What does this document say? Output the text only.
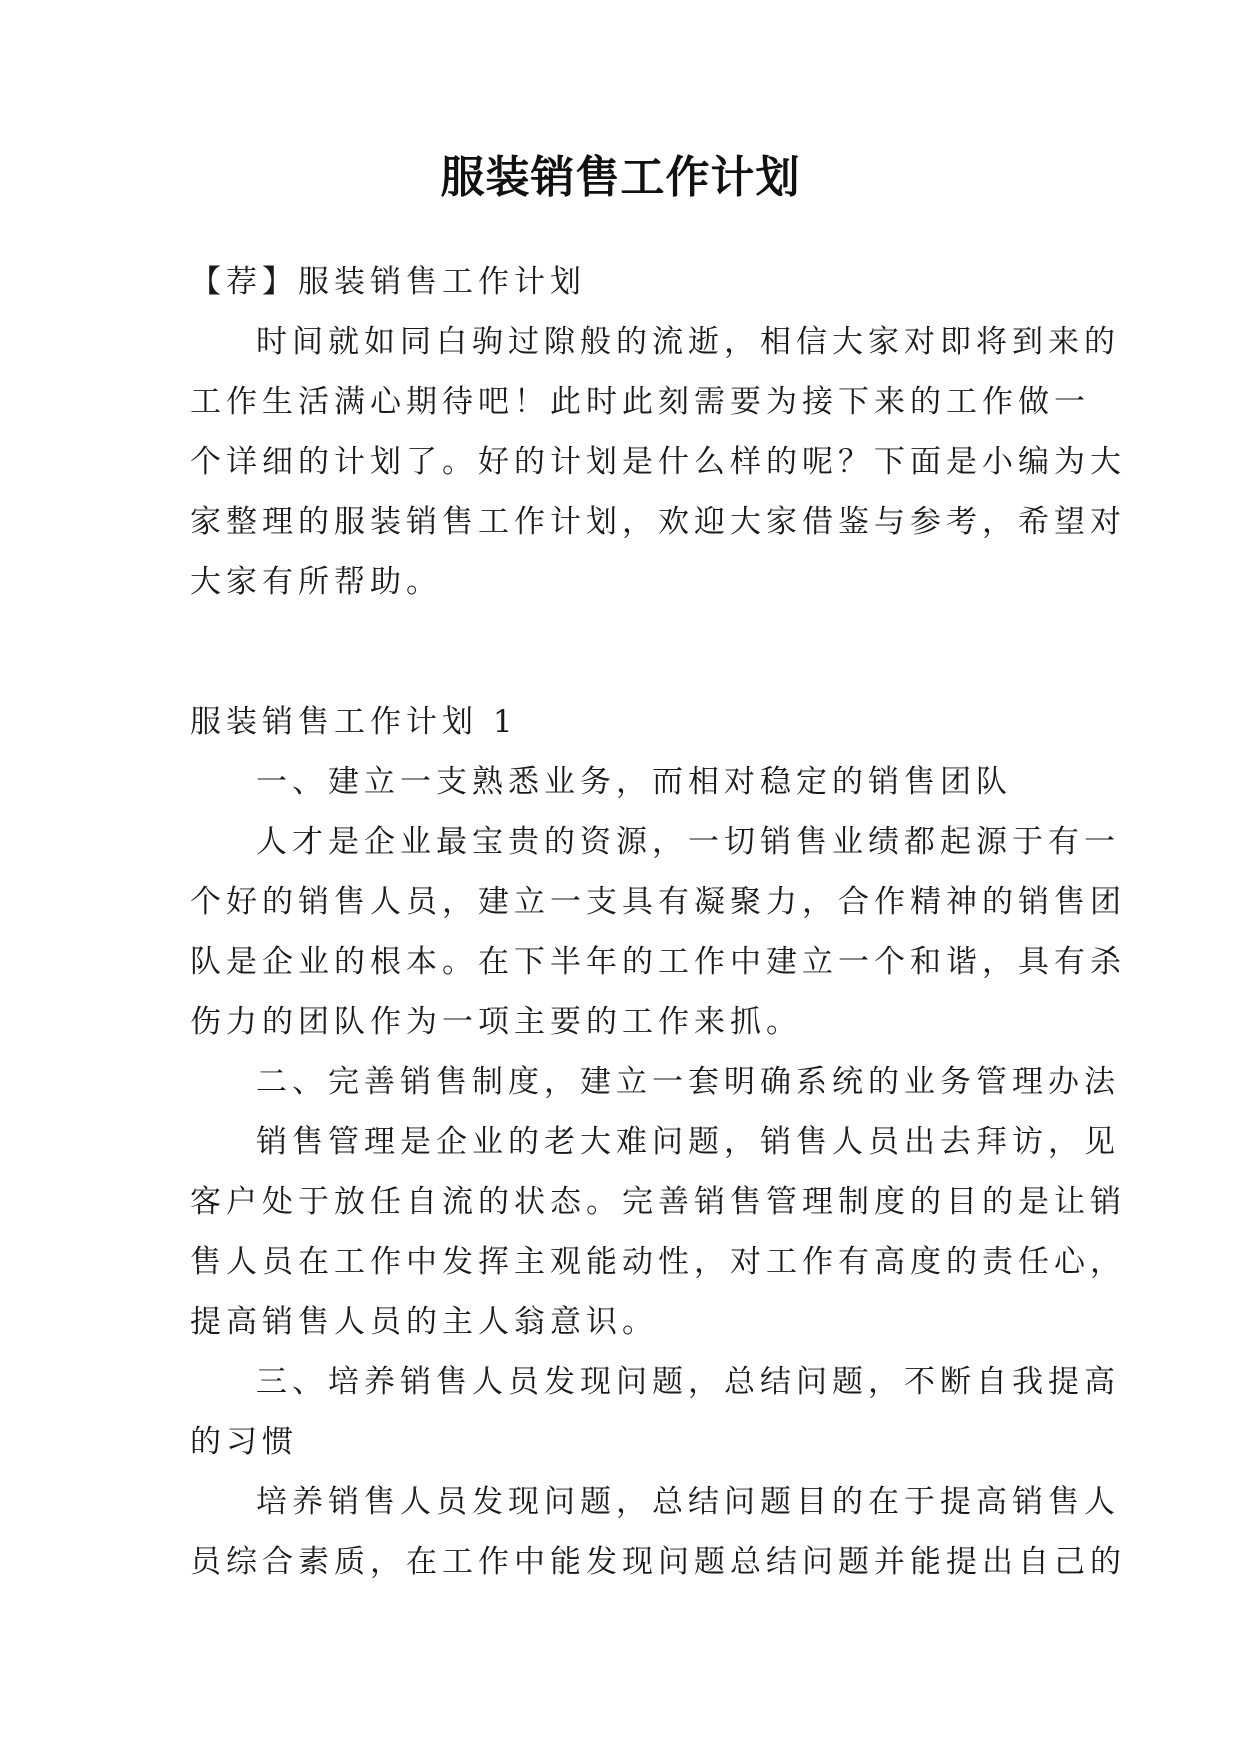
服装销售工作计划
【荐】服装销售工作计划
时间就如同白驹过隙般的流逝，相信大家对即将到来的
工作生活满心期待吧！此时此刻需要为接下来的工作做一
个详细的计划了。好的计划是什么样的呢？下面是小编为大
家整理的服装销售工作计划，欢迎大家借鉴与参考，希望对
大家有所帮助。
服装销售工作计划 1
一、建立一支熟悉业务，而相对稳定的销售团队
人才是企业最宝贵的资源，一切销售业绩都起源于有一
个好的销售人员，建立一支具有凝聚力，合作精神的销售团
队是企业的根本。在下半年的工作中建立一个和谐，具有杀
伤力的团队作为一项主要的工作来抓。
二、完善销售制度，建立一套明确系统的业务管理办法
销售管理是企业的老大难问题，销售人员出去拜访，见
客户处于放任自流的状态。完善销售管理制度的目的是让销
售人员在工作中发挥主观能动性，对工作有高度的责任心，
提高销售人员的主人翁意识。
三、培养销售人员发现问题，总结问题，不断自我提高
的习惯
培养销售人员发现问题，总结问题目的在于提高销售人
员综合素质，在工作中能发现问题总结问题并能提出自己的
